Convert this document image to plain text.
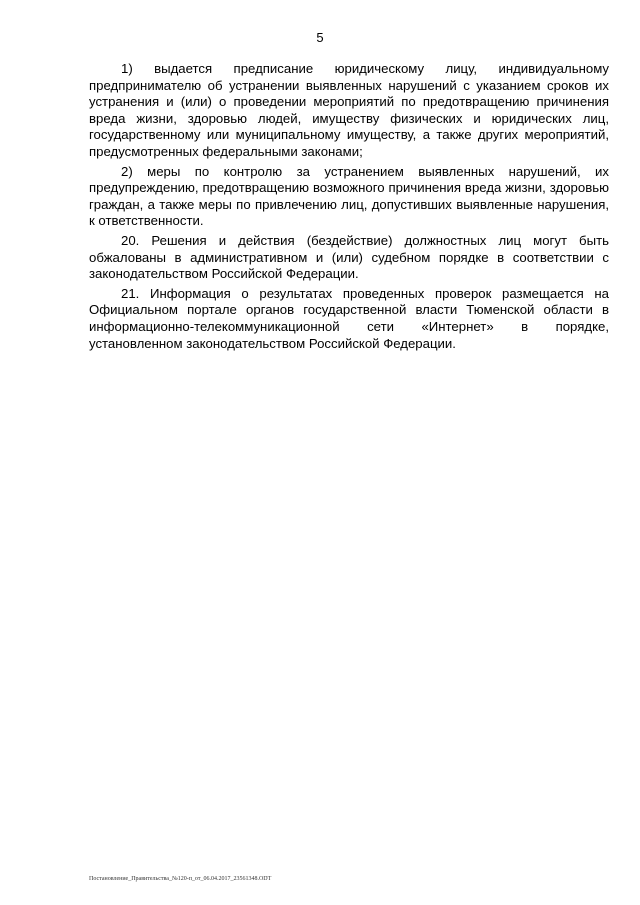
5

1) выдается предписание юридическому лицу, индивидуальному предпринимателю об устранении выявленных нарушений с указанием сроков их устранения и (или) о проведении мероприятий по предотвращению причинения вреда жизни, здоровью людей, имуществу физических и юридических лиц, государственному или муниципальному имуществу, а также других мероприятий, предусмотренных федеральными законами;

2) меры по контролю за устранением выявленных нарушений, их предупреждению, предотвращению возможного причинения вреда жизни, здоровью граждан, а также меры по привлечению лиц, допустивших выявленные нарушения, к ответственности.

20. Решения и действия (бездействие) должностных лиц могут быть обжалованы в административном и (или) судебном порядке в соответствии с законодательством Российской Федерации.

21. Информация о результатах проведенных проверок размещается на Официальном портале органов государственной власти Тюменской области в информационно-телекоммуникационной сети «Интернет» в порядке, установленном законодательством Российской Федерации.

Постановление_Правительства_№120-п_от_06.04.2017_23561348.ODT
